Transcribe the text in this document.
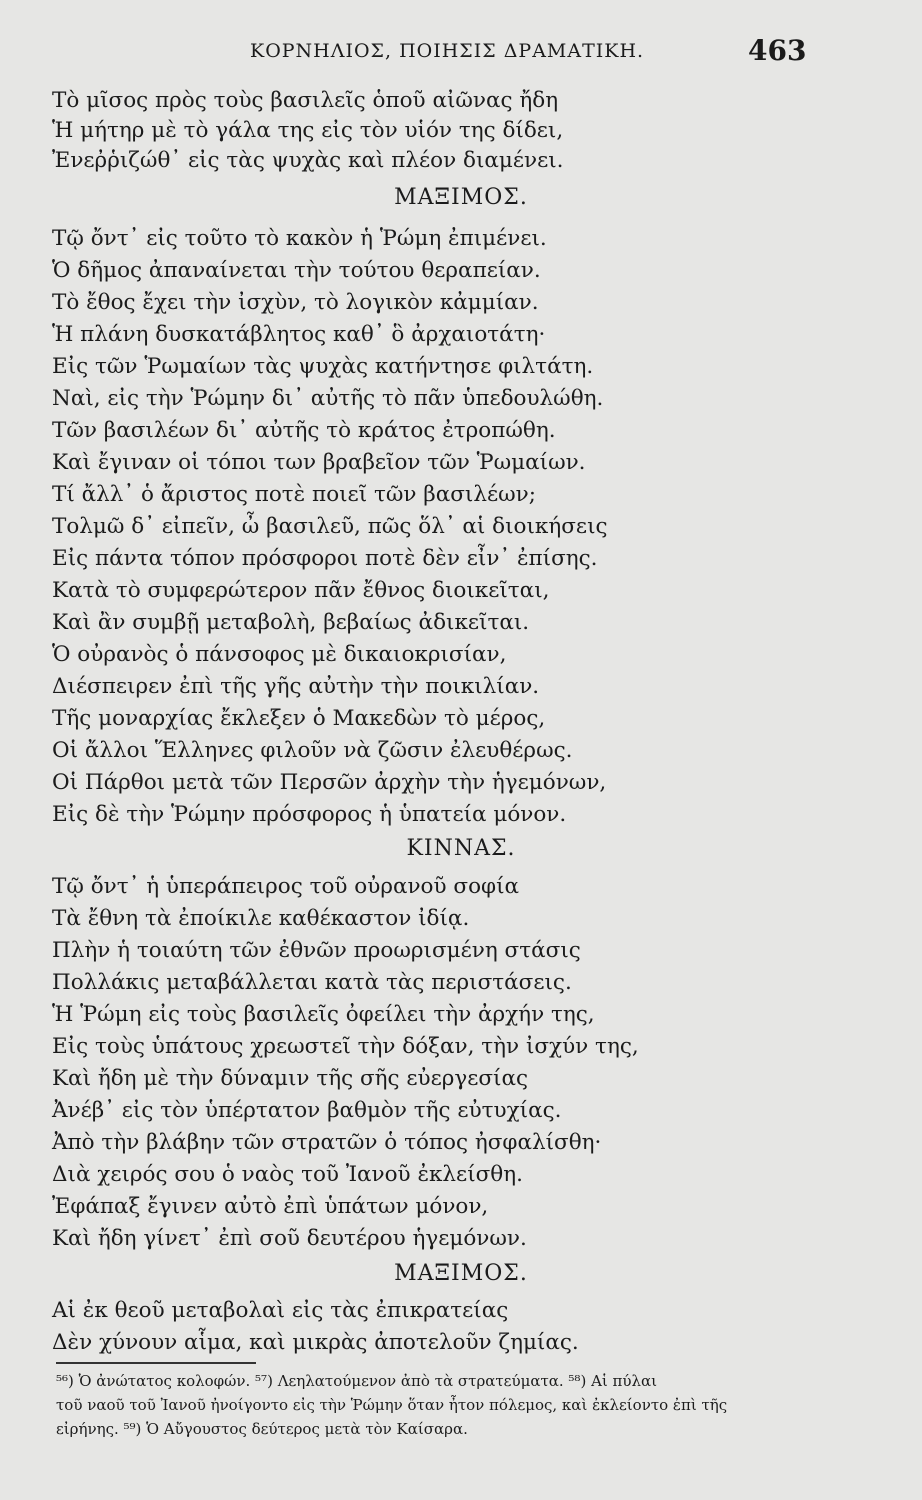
ΚΟΡΝΗΛΙΟΣ, ΠΟΙΗΣΙΣ ΔΡΑΜΑΤΙΚΗ.	463
Τὸ μῖσος πρὸς τοὺς βασιλεῖς ὁποῦ αἰῶνας ἤδη
Ἡ μήτηρ μὲ τὸ γάλα της εἰς τὸν υἱόν της δίδει,
Ἐνεῤῥιζώθ᾽ εἰς τὰς ψυχὰς καὶ πλέον διαμένει.
ΜΑΞΙΜΟΣ.
Τῷ ὄντ᾽ εἰς τοῦτο τὸ κακὸν ἡ Ῥώμη ἐπιμένει.
Ὁ δῆμος ἀπαναίνεται τὴν τούτου θεραπείαν.
Τὸ ἔθος ἔχει τὴν ἰσχὺν, τὸ λογικὸν κἀμμίαν.
Ἡ πλάνη δυσκατάβλητος καθ᾽ ὃ ἀρχαιοτάτη·
Εἰς τῶν Ῥωμαίων τὰς ψυχὰς κατήντησε φιλτάτη.
Ναὶ, εἰς τὴν Ῥώμην δι᾽ αὐτῆς τὸ πᾶν ὑπεδουλώθη.
Τῶν βασιλέων δι᾽ αὐτῆς τὸ κράτος ἐτροπώθη.
Καὶ ἔγιναν οἱ τόποι των βραβεῖον τῶν Ῥωμαίων.
Τί ἄλλ᾽ ὁ ἄριστος ποτὲ ποιεῖ τῶν βασιλέων;
Τολμῶ δ᾽ εἰπεῖν, ὦ βασιλεῦ, πῶς ὅλ᾽ αἱ διοικήσεις
Εἰς πάντα τόπον πρόσφοροι ποτὲ δὲν εἶν᾽ ἐπίσης.
Κατὰ τὸ συμφερώτερον πᾶν ἔθνος διοικεῖται,
Καὶ ἂν συμβῇ μεταβολὴ, βεβαίως ἀδικεῖται.
Ὁ οὐρανὸς ὁ πάνσοφος μὲ δικαιοκρισίαν,
Διέσπειρεν ἐπὶ τῆς γῆς αὐτὴν τὴν ποικιλίαν.
Τῆς μοναρχίας ἔκλεξεν ὁ Μακεδὼν τὸ μέρος,
Οἱ ἄλλοι Ἕλληνες φιλοῦν νὰ ζῶσιν ἐλευθέρως.
Οἱ Πάρθοι μετὰ τῶν Περσῶν ἀρχὴν τὴν ἡγεμόνων,
Εἰς δὲ τὴν Ῥώμην πρόσφορος ἡ ὑπατεία μόνον.
ΚΙΝΝΑΣ.
Τῷ ὄντ᾽ ἡ ὑπεράπειρος τοῦ οὐρανοῦ σοφία
Τὰ ἔθνη τὰ ἐποίκιλε καθέκαστον ἰδίᾳ.
Πλὴν ἡ τοιαύτη τῶν ἐθνῶν προωρισμένη στάσις
Πολλάκις μεταβάλλεται κατὰ τὰς περιστάσεις.
Ἡ Ῥώμη εἰς τοὺς βασιλεῖς ὀφείλει τὴν ἀρχήν της,
Εἰς τοὺς ὑπάτους χρεωστεῖ τὴν δόξαν, τὴν ἰσχύν της,
Καὶ ἤδη μὲ τὴν δύναμιν τῆς σῆς εὐεργεσίας
Ἀνέβ᾽ εἰς τὸν ὑπέρτατον βαθμὸν τῆς εὐτυχίας.
Ἀπὸ τὴν βλάβην τῶν στρατῶν ὁ τόπος ἠσφαλίσθη·
Διὰ χειρός σου ὁ ναὸς τοῦ Ἰανοῦ ἐκλείσθη.
Ἐφάπαξ ἔγινεν αὐτὸ ἐπὶ ὑπάτων μόνον,
Καὶ ἤδη γίνετ᾽ ἐπὶ σοῦ δευτέρου ἡγεμόνων.
ΜΑΞΙΜΟΣ.
Αἱ ἐκ θεοῦ μεταβολαὶ εἰς τὰς ἐπικρατείας
Δὲν χύνουν αἷμα, καὶ μικρὰς ἀποτελοῦν ζημίας.
⁵⁶) Ὁ ἀνώτατος κολοφών. ⁵⁷) Λεηλατούμενον ἀπὸ τὰ στρατεύματα. ⁵⁸) Αἱ πύλαι
τοῦ ναοῦ τοῦ Ἰανοῦ ἠνοίγοντο εἰς τὴν Ῥώμην ὅταν ἦτον πόλεμος, καὶ ἐκλείοντο ἐπὶ τῆς
εἰρήνης. ⁵⁹) Ὁ Αὔγουστος δεύτερος μετὰ τὸν Καίσαρα.
